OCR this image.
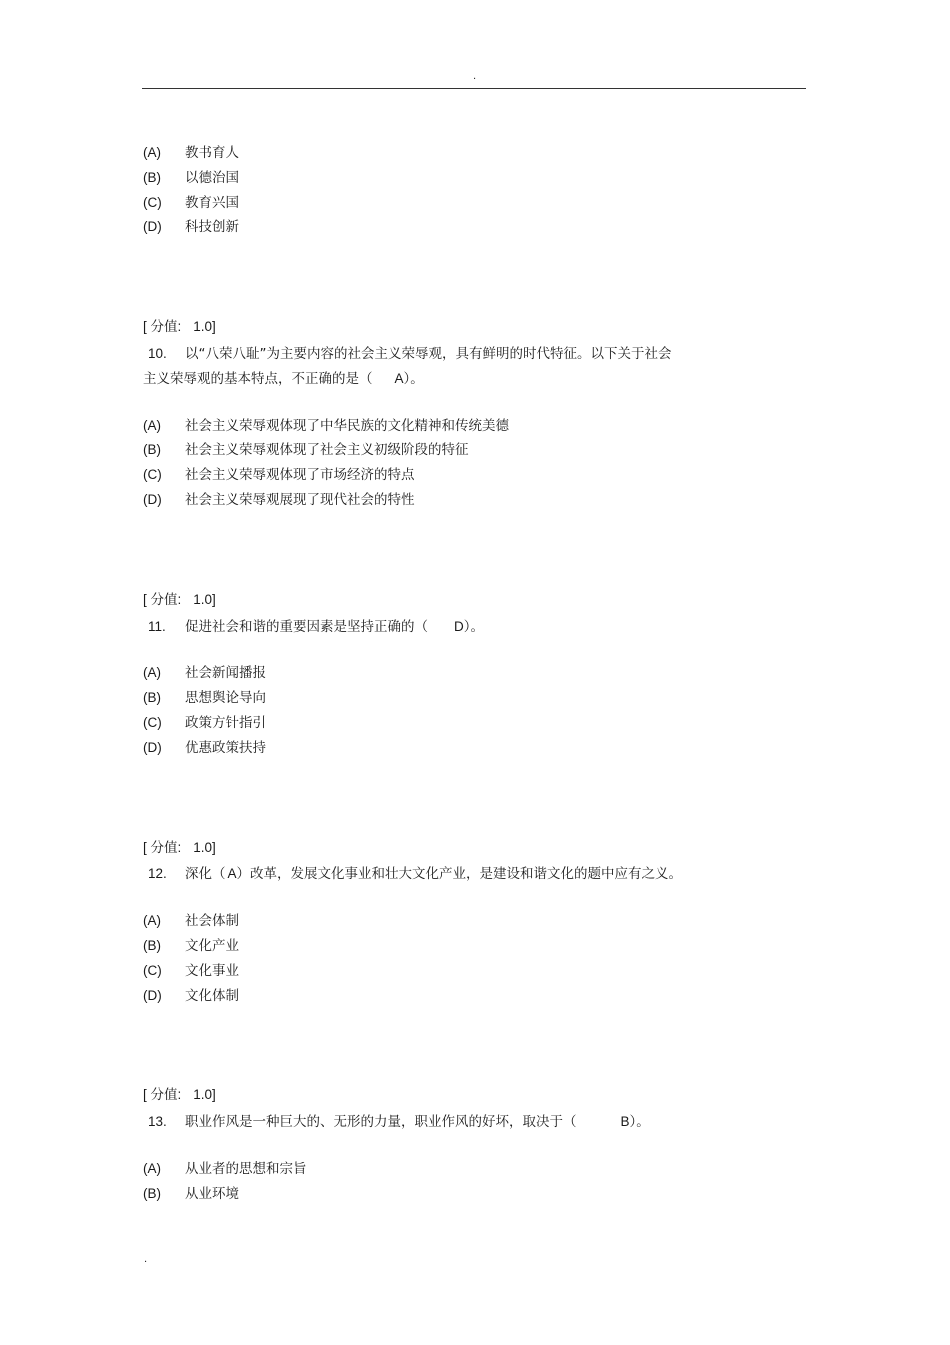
.
(A) 教书育人
(B) 以德治国
(C) 教育兴国
(D) 科技创新
[ 分值: 1.0]
10. 以“八荣八耻”为主要内容的社会主义荣辱观，具有鲜明的时代特征。以下关于社会
主义荣辱观的基本特点，不正确的是（ A）。
(A) 社会主义荣辱观体现了中华民族的文化精神和传统美德
(B) 社会主义荣辱观体现了社会主义初级阶段的特征
(C) 社会主义荣辱观体现了市场经济的特点
(D) 社会主义荣辱观展现了现代社会的特性
[ 分值: 1.0]
11. 促进社会和谐的重要因素是坚持正确的（ D）。
(A) 社会新闻播报
(B) 思想舆论导向
(C) 政策方针指引
(D) 优惠政策扶持
[ 分值: 1.0]
12. 深化（ A）改革，发展文化事业和壮大文化产业，是建设和谐文化的题中应有之义。
(A) 社会体制
(B) 文化产业
(C) 文化事业
(D) 文化体制
[ 分值: 1.0]
13. 职业作风是一种巨大的、无形的力量，职业作风的好坏，取决于（	B）。
(A) 从业者的思想和宗旨
(B) 从业环境
.
